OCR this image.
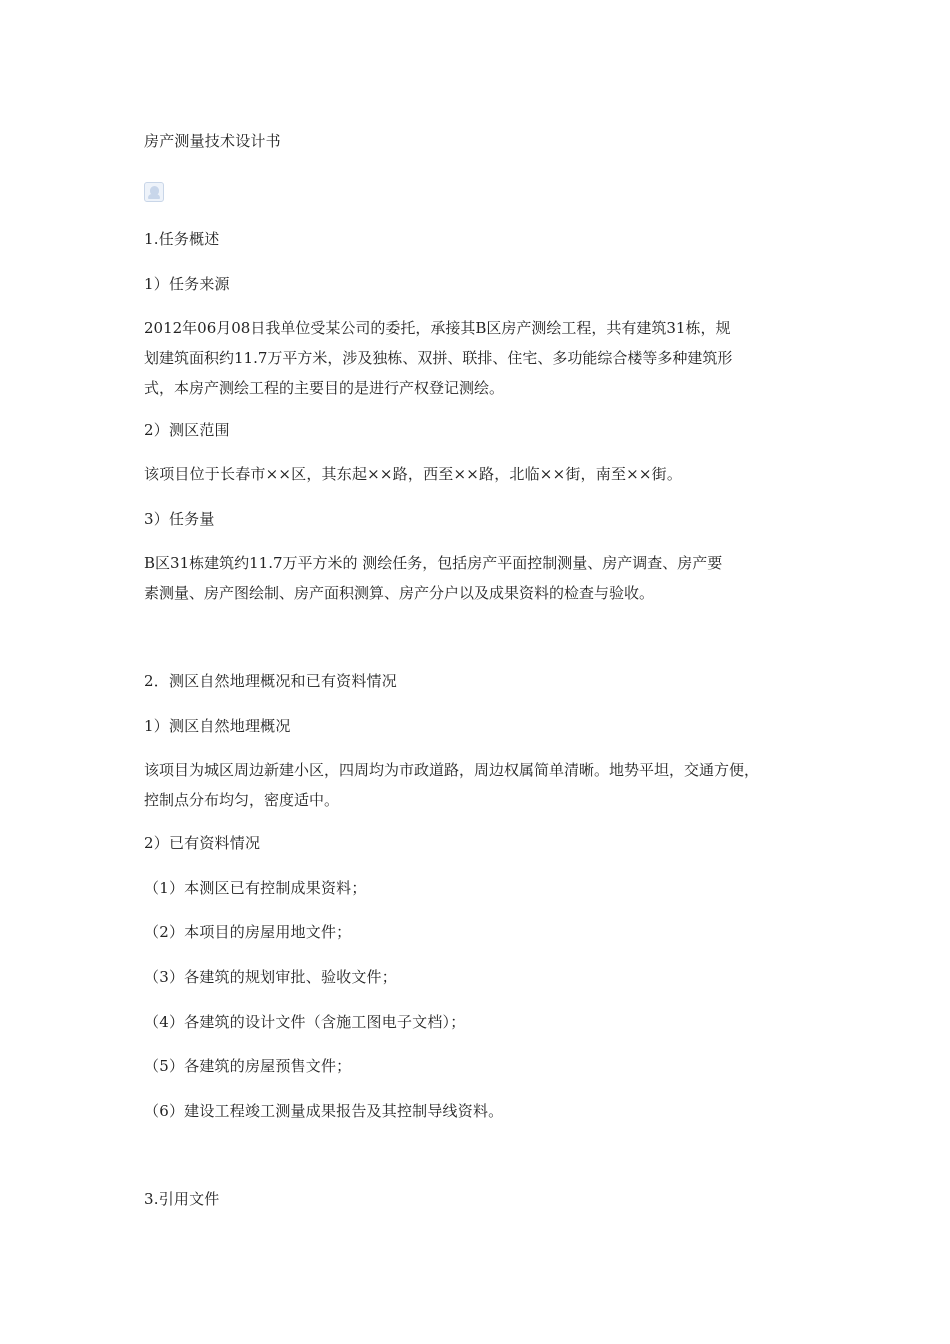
房产测量技术设计书
1.任务概述
1）任务来源
2012年06月08日我单位受某公司的委托，承接其B区房产测绘工程，共有建筑31栋，规
划建筑面积约11.7万平方米，涉及独栋、双拼、联排、住宅、多功能综合楼等多种建筑形
式，本房产测绘工程的主要目的是进行产权登记测绘。
2）测区范围
该项目位于长春市××区，其东起××路，西至××路，北临××街，南至××街。
3）任务量
B区31栋建筑约11.7万平方米的 测绘任务，包括房产平面控制测量、房产调查、房产要
素测量、房产图绘制、房产面积测算、房产分户以及成果资料的检查与验收。
2．测区自然地理概况和已有资料情况
1）测区自然地理概况
该项目为城区周边新建小区，四周均为市政道路，周边权属简单清晰。地势平坦，交通方便，
控制点分布均匀，密度适中。
2）已有资料情况
（1）本测区已有控制成果资料；
（2）本项目的房屋用地文件；
（3）各建筑的规划审批、验收文件；
（4）各建筑的设计文件（含施工图电子文档）；
（5）各建筑的房屋预售文件；
（6）建设工程竣工测量成果报告及其控制导线资料。
3.引用文件
